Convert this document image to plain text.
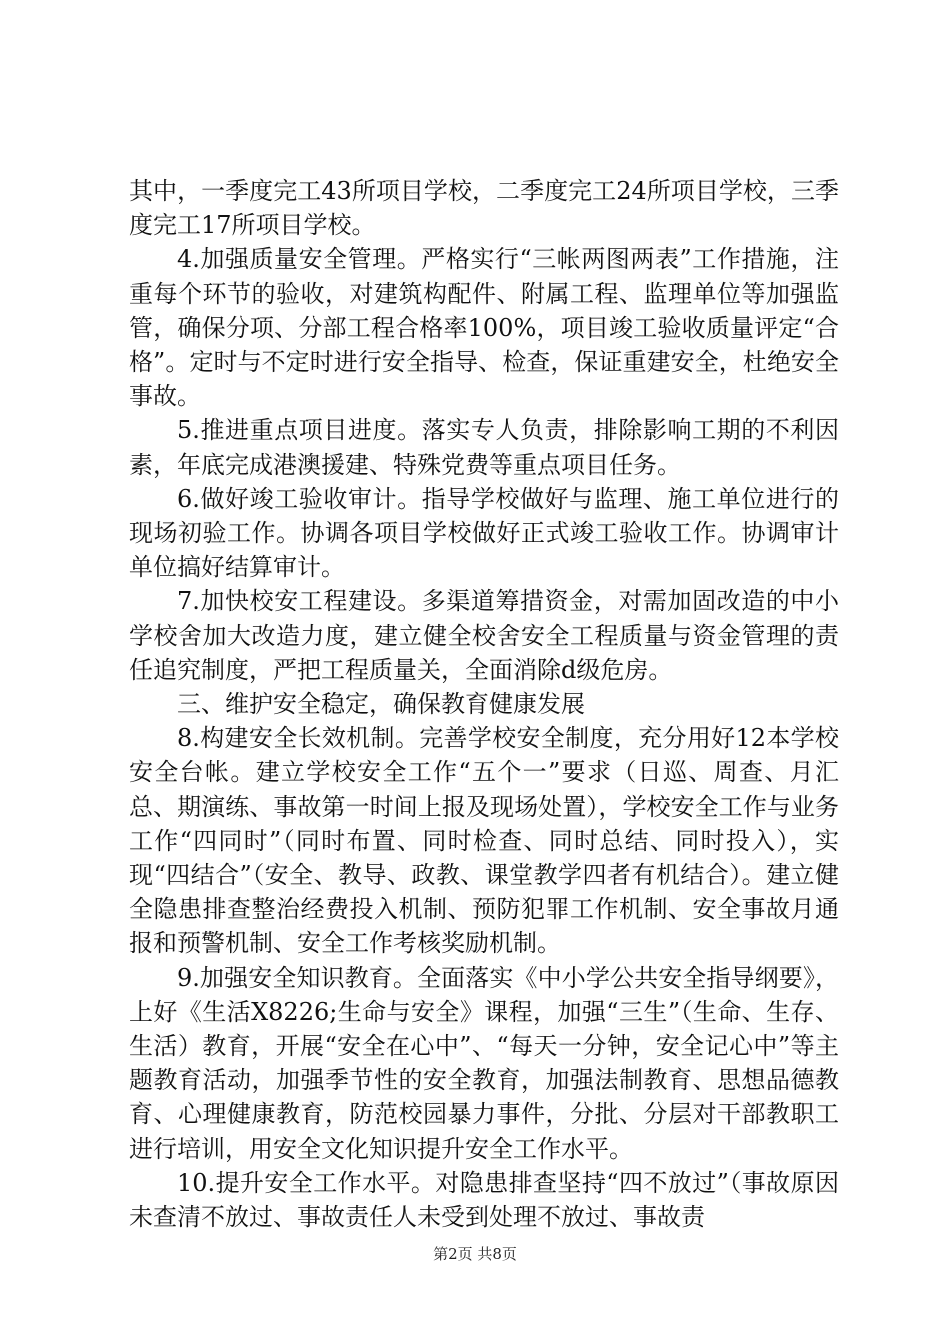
其中，一季度完工43所项目学校，二季度完工24所项目学校，三季度完工17所项目学校。

4.加强质量安全管理。严格实行“三帐两图两表”工作措施，注重每个环节的验收，对建筑构配件、附属工程、监理单位等加强监管，确保分项、分部工程合格率100%，项目竣工验收质量评定“合格”。定时与不定时进行安全指导、检查，保证重建安全，杜绝安全事故。

5.推进重点项目进度。落实专人负责，排除影响工期的不利因素，年底完成港澳援建、特殊党费等重点项目任务。

6.做好竣工验收审计。指导学校做好与监理、施工单位进行的现场初验工作。协调各项目学校做好正式竣工验收工作。协调审计单位搞好结算审计。

7.加快校安工程建设。多渠道筹措资金，对需加固改造的中小学校舍加大改造力度，建立健全校舍安全工程质量与资金管理的责任追究制度，严把工程质量关，全面消除d级危房。

三、维护安全稳定，确保教育健康发展

8.构建安全长效机制。完善学校安全制度，充分用好12本学校安全台帐。建立学校安全工作“五个一”要求（日巡、周查、月汇总、期演练、事故第一时间上报及现场处置），学校安全工作与业务工作“四同时”（同时布置、同时检查、同时总结、同时投入），实现“四结合”（安全、教导、政教、课堂教学四者有机结合）。建立健全隐患排查整治经费投入机制、预防犯罪工作机制、安全事故月通报和预警机制、安全工作考核奖励机制。

9.加强安全知识教育。全面落实《中小学公共安全指导纲要》，上好《生活X8226;生命与安全》课程，加强“三生”（生命、生存、生活）教育，开展“安全在心中”、“每天一分钟，安全记心中”等主题教育活动，加强季节性的安全教育，加强法制教育、思想品德教育、心理健康教育，防范校园暴力事件，分批、分层对干部教职工进行培训，用安全文化知识提升安全工作水平。

10.提升安全工作水平。对隐患排查坚持“四不放过”（事故原因未查清不放过、事故责任人未受到处理不放过、事故责

第2页 共8页
